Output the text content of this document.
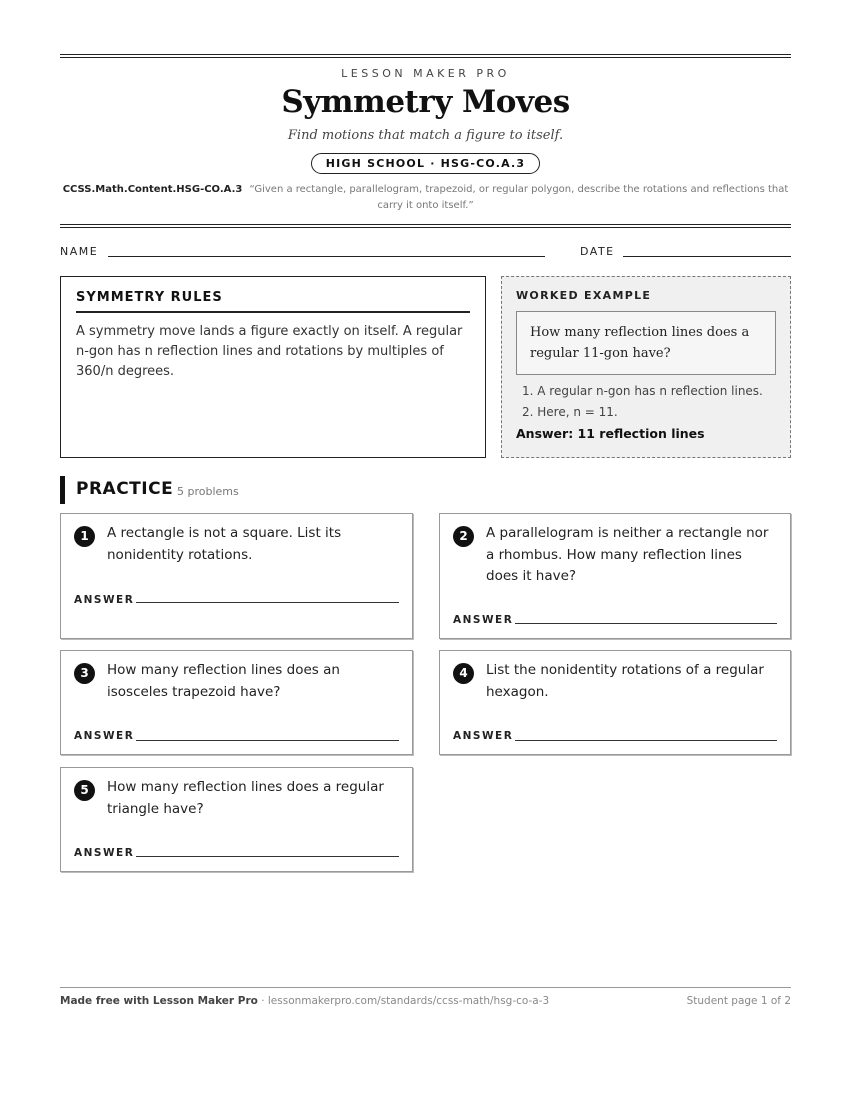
LESSON MAKER PRO
Symmetry Moves
Find motions that match a figure to itself.
HIGH SCHOOL · HSG-CO.A.3
CCSS.Math.Content.HSG-CO.A.3 “Given a rectangle, parallelogram, trapezoid, or regular polygon, describe the rotations and reflections that carry it onto itself.”
NAME	DATE
SYMMETRY RULES
A symmetry move lands a figure exactly on itself. A regular n-gon has n reflection lines and rotations by multiples of 360/n degrees.
WORKED EXAMPLE
How many reflection lines does a regular 11-gon have?
1. A regular n-gon has n reflection lines.
2. Here, n = 11.
Answer: 11 reflection lines
PRACTICE 5 problems
1	A rectangle is not a square. List its nonidentity rotations.
ANSWER
2	A parallelogram is neither a rectangle nor a rhombus. How many reflection lines does it have?
ANSWER
3	How many reflection lines does an isosceles trapezoid have?
ANSWER
4	List the nonidentity rotations of a regular hexagon.
ANSWER
5	How many reflection lines does a regular triangle have?
ANSWER
Made free with Lesson Maker Pro · lessonmakerpro.com/standards/ccss-math/hsg-co-a-3	Student page 1 of 2
